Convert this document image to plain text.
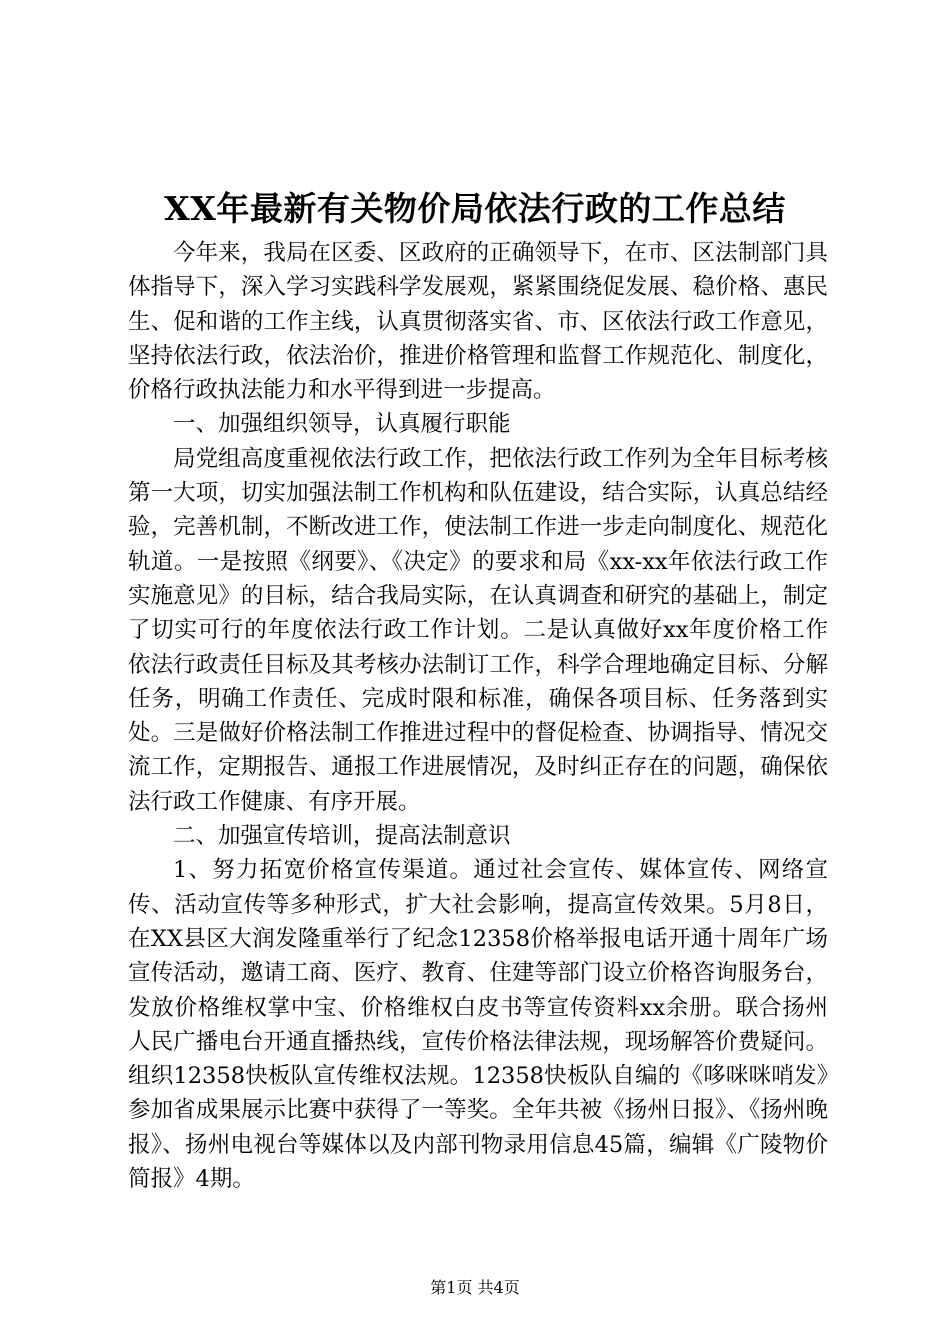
XX年最新有关物价局依法行政的工作总结

今年来，我局在区委、区政府的正确领导下，在市、区法制部门具体指导下，深入学习实践科学发展观，紧紧围绕促发展、稳价格、惠民生、促和谐的工作主线，认真贯彻落实省、市、区依法行政工作意见，坚持依法行政，依法治价，推进价格管理和监督工作规范化、制度化，价格行政执法能力和水平得到进一步提高。

一、加强组织领导，认真履行职能

局党组高度重视依法行政工作，把依法行政工作列为全年目标考核第一大项，切实加强法制工作机构和队伍建设，结合实际，认真总结经验，完善机制，不断改进工作，使法制工作进一步走向制度化、规范化轨道。一是按照《纲要》、《决定》的要求和局《xx-xx年依法行政工作实施意见》的目标，结合我局实际，在认真调查和研究的基础上，制定了切实可行的年度依法行政工作计划。二是认真做好xx年度价格工作依法行政责任目标及其考核办法制订工作，科学合理地确定目标、分解任务，明确工作责任、完成时限和标准，确保各项目标、任务落到实处。三是做好价格法制工作推进过程中的督促检查、协调指导、情况交流工作，定期报告、通报工作进展情况，及时纠正存在的问题，确保依法行政工作健康、有序开展。

二、加强宣传培训，提高法制意识

1、努力拓宽价格宣传渠道。通过社会宣传、媒体宣传、网络宣传、活动宣传等多种形式，扩大社会影响，提高宣传效果。5月8日，在XX县区大润发隆重举行了纪念12358价格举报电话开通十周年广场宣传活动，邀请工商、医疗、教育、住建等部门设立价格咨询服务台，发放价格维权掌中宝、价格维权白皮书等宣传资料xx余册。联合扬州人民广播电台开通直播热线，宣传价格法律法规，现场解答价费疑问。组织12358快板队宣传维权法规。12358快板队自编的《哆咪咪哨发》参加省成果展示比赛中获得了一等奖。全年共被《扬州日报》、《扬州晚报》、扬州电视台等媒体以及内部刊物录用信息45篇，编辑《广陵物价简报》4期。

第1页 共4页
